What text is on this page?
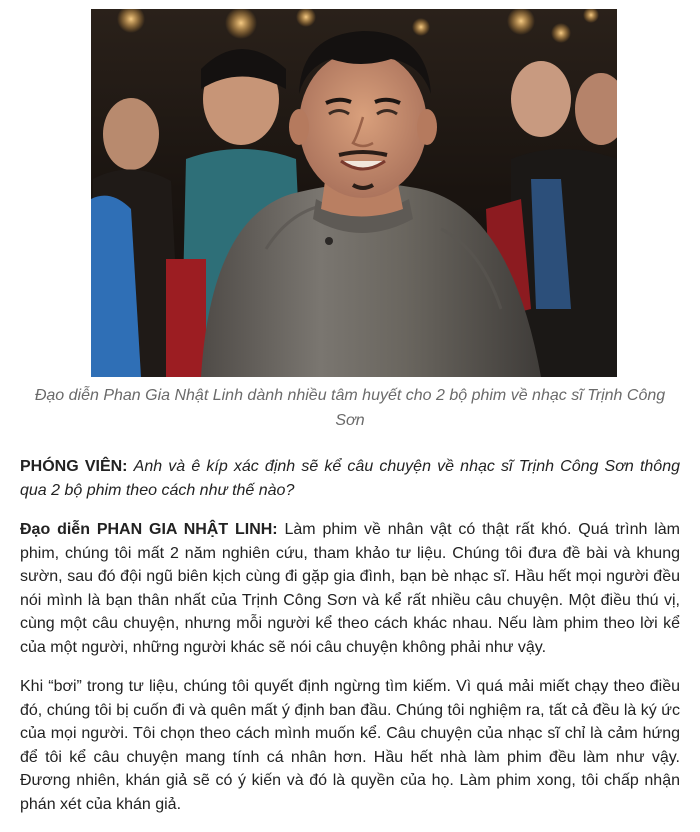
Đạo diễn Phan Gia Nhật Linh dành nhiều tâm huyết cho 2 bộ phim về nhạc sĩ Trịnh Công Sơn

PHÓNG VIÊN: Anh và ê kíp xác định sẽ kể câu chuyện về nhạc sĩ Trịnh Công Sơn thông qua 2 bộ phim theo cách như thế nào?

Đạo diễn PHAN GIA NHẬT LINH: Làm phim về nhân vật có thật rất khó. Quá trình làm phim, chúng tôi mất 2 năm nghiên cứu, tham khảo tư liệu. Chúng tôi đưa đề bài và khung sườn, sau đó đội ngũ biên kịch cùng đi gặp gia đình, bạn bè nhạc sĩ. Hầu hết mọi người đều nói mình là bạn thân nhất của Trịnh Công Sơn và kể rất nhiều câu chuyện. Một điều thú vị, cùng một câu chuyện, nhưng mỗi người kể theo cách khác nhau. Nếu làm phim theo lời kể của một người, những người khác sẽ nói câu chuyện không phải như vậy.

Khi “bơi” trong tư liệu, chúng tôi quyết định ngừng tìm kiếm. Vì quá mải miết chạy theo điều đó, chúng tôi bị cuốn đi và quên mất ý định ban đầu. Chúng tôi nghiệm ra, tất cả đều là ký ức của mọi người. Tôi chọn theo cách mình muốn kể. Câu chuyện của nhạc sĩ chỉ là cảm hứng để tôi kể câu chuyện mang tính cá nhân hơn. Hầu hết nhà làm phim đều làm như vậy. Đương nhiên, khán giả sẽ có ý kiến và đó là quyền của họ. Làm phim xong, tôi chấp nhận phán xét của khán giả.
